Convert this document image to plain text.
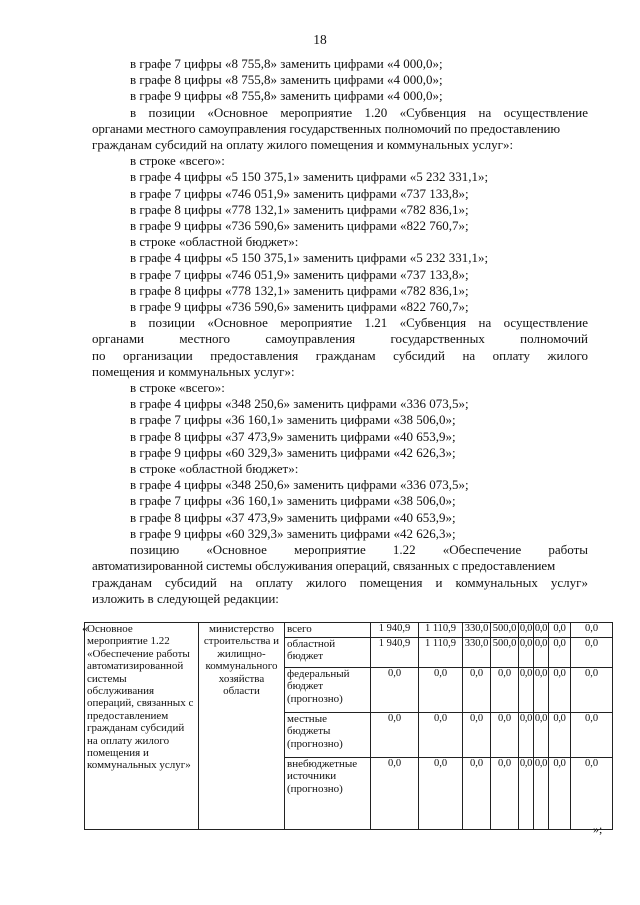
18
в графе 7 цифры «8 755,8» заменить цифрами «4 000,0»;
в графе 8 цифры «8 755,8» заменить цифрами «4 000,0»;
в графе 9 цифры «8 755,8» заменить цифрами «4 000,0»;
в позиции «Основное мероприятие 1.20 «Субвенция на осуществление
органами местного самоуправления государственных полномочий по предоставлению
гражданам субсидий на оплату жилого помещения и коммунальных услуг»:
в строке «всего»:
в графе 4 цифры «5 150 375,1» заменить цифрами «5 232 331,1»;
в графе 7 цифры «746 051,9» заменить цифрами «737 133,8»;
в графе 8 цифры «778 132,1» заменить цифрами «782 836,1»;
в графе 9 цифры «736 590,6» заменить цифрами «822 760,7»;
в строке «областной бюджет»:
в графе 4 цифры «5 150 375,1» заменить цифрами «5 232 331,1»;
в графе 7 цифры «746 051,9» заменить цифрами «737 133,8»;
в графе 8 цифры «778 132,1» заменить цифрами «782 836,1»;
в графе 9 цифры «736 590,6» заменить цифрами «822 760,7»;
в позиции «Основное мероприятие 1.21 «Субвенция на осуществление
органами местного самоуправления государственных полномочий
по организации предоставления гражданам субсидий на оплату жилого
помещения и коммунальных услуг»:
в строке «всего»:
в графе 4 цифры «348 250,6» заменить цифрами «336 073,5»;
в графе 7 цифры «36 160,1» заменить цифрами «38 506,0»;
в графе 8 цифры «37 473,9» заменить цифрами «40 653,9»;
в графе 9 цифры «60 329,3» заменить цифрами «42 626,3»;
в строке «областной бюджет»:
в графе 4 цифры «348 250,6» заменить цифрами «336 073,5»;
в графе 7 цифры «36 160,1» заменить цифрами «38 506,0»;
в графе 8 цифры «37 473,9» заменить цифрами «40 653,9»;
в графе 9 цифры «60 329,3» заменить цифрами «42 626,3»;
позицию «Основное мероприятие 1.22 «Обеспечение работы
автоматизированной системы обслуживания операций, связанных с предоставлением
гражданам субсидий на оплату жилого помещения и коммунальных услуг»
изложить в следующей редакции:
«
»;
Основное мероприятие 1.22 «Обеспечение работы автоматизированной системы обслуживания операций, связанных с предоставлением гражданам субсидий на оплату жилого помещения и коммунальных услуг»	министерство строительства и жилищно-коммунального хозяйства области	всего	1 940,9	1 110,9	330,0	500,0	0,0	0,0	0,0	0,0
		областной бюджет	1 940,9	1 110,9	330,0	500,0	0,0	0,0	0,0	0,0
		федеральный бюджет (прогнозно)	0,0	0,0	0,0	0,0	0,0	0,0	0,0	0,0
		местные бюджеты (прогнозно)	0,0	0,0	0,0	0,0	0,0	0,0	0,0	0,0
		внебюджетные источники (прогнозно)	0,0	0,0	0,0	0,0	0,0	0,0	0,0	0,0
